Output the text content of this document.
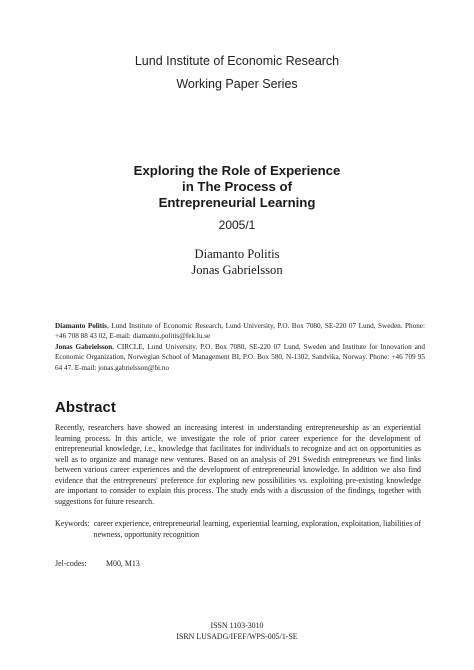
Lund Institute of Economic Research
Working Paper Series
Exploring the Role of Experience
in The Process of
Entrepreneurial Learning
2005/1
Diamanto Politis
Jonas Gabrielsson
Diamanto Politis, Lund Institute of Economic Research, Lund University, P.O. Box 7080, SE-220 07 Lund, Sweden. Phone: +46 708 88 43 02, E-mail: diamanto.politis@fek.lu.se
Jonas Gabrielsson, CIRCLE, Lund University, P.O. Box 7080, SE-220 07 Lund, Sweden and Institute for Innovation and Economic Organization, Norwegian School of Management BI, P.O. Box 580, N-1302, Sandvika, Norway. Phone: +46 709 95 64 47. E-mail: jonas.gabrielsson@bi.no
Abstract
Recently, researchers have showed an increasing interest in understanding entrepreneurship as an experiential learning process. In this article, we investigate the role of prior career experience for the development of entrepreneurial knowledge, i.e., knowledge that facilitates for individuals to recognize and act on opportunities as well as to organize and manage new ventures. Based on an analysis of 291 Swedish entrepreneurs we find links between various career experiences and the development of entrepreneurial knowledge. In addition we also find evidence that the entrepreneurs' preference for exploring new possibilities vs. exploiting pre-existing knowledge are important to consider to explain this process. The study ends with a discussion of the findings, together with suggestions for future research.
Keywords: career experience, entrepreneurial learning, experiential learning, exploration, exploitation, liabilities of newness, opportunity recognition
Jel-codes: M00, M13
ISSN 1103-3010
ISRN LUSADG/IFEF/WPS-005/1-SE
